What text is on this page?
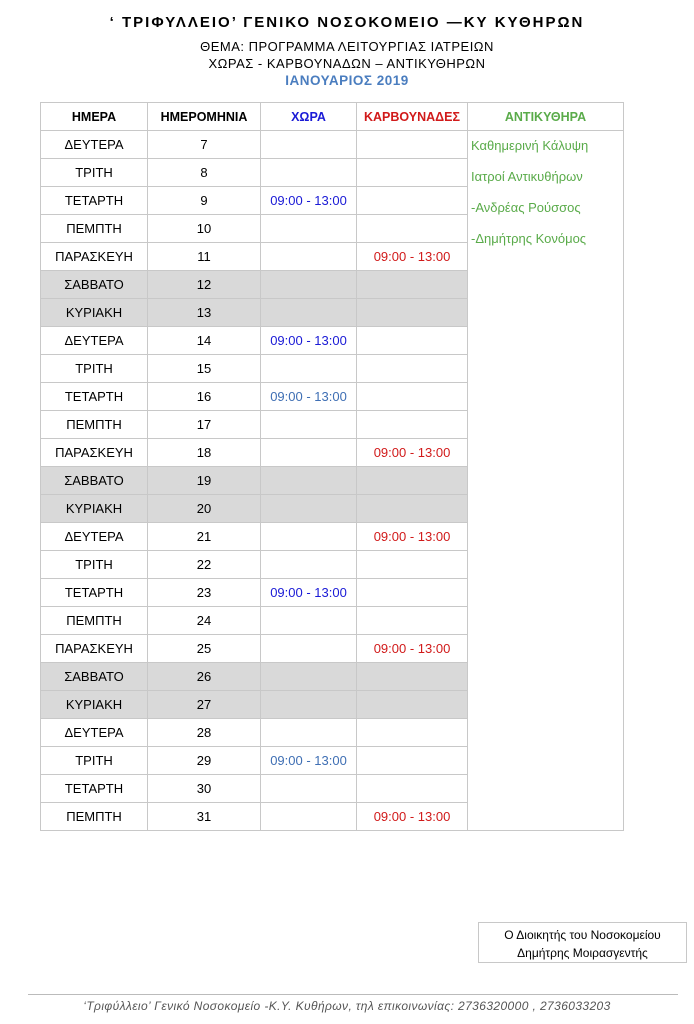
‘ ΤΡΙΦΥΛΛΕΙΟ’ ΓΕΝΙΚΟ ΝΟΣΟΚΟΜΕΙΟ —ΚΥ ΚΥΘΗΡΩΝ
ΘΕΜΑ: ΠΡΟΓΡΑΜΜΑ ΛΕΙΤΟΥΡΓΙΑΣ ΙΑΤΡΕΙΩΝ
ΧΩΡΑΣ - ΚΑΡΒΟΥΝΑΔΩΝ – ΑΝΤΙΚΥΘΗΡΩΝ
ΙΑΝΟΥΑΡΙΟΣ 2019
ΗΜΕΡΑ	ΗΜΕΡΟΜΗΝΙΑ	ΧΩΡΑ	ΚΑΡΒΟΥΝΑΔΕΣ	ΑΝΤΙΚΥΘΗΡΑ
ΔΕΥΤΕΡΑ	7			Καθημερινή Κάλυψη
Ιατροί Αντικυθήρων
-Ανδρέας Ρούσσος
-Δημήτρης Κονόμος

ΤΡΙΤΗ	8			
ΤΕΤΑΡΤΗ	9	09:00 - 13:00		
ΠΕΜΠΤΗ	10			
ΠΑΡΑΣΚΕΥΗ	11		09:00 - 13:00	
ΣΑΒΒΑΤΟ	12			
ΚΥΡΙΑΚΗ	13			
ΔΕΥΤΕΡΑ	14	09:00 - 13:00		
ΤΡΙΤΗ	15			
ΤΕΤΑΡΤΗ	16	09:00 - 13:00		
ΠΕΜΠΤΗ	17			
ΠΑΡΑΣΚΕΥΗ	18		09:00 - 13:00	
ΣΑΒΒΑΤΟ	19			
ΚΥΡΙΑΚΗ	20			
ΔΕΥΤΕΡΑ	21		09:00 - 13:00	
ΤΡΙΤΗ	22			
ΤΕΤΑΡΤΗ	23	09:00 - 13:00		
ΠΕΜΠΤΗ	24			
ΠΑΡΑΣΚΕΥΗ	25		09:00 - 13:00	
ΣΑΒΒΑΤΟ	26			
ΚΥΡΙΑΚΗ	27			
ΔΕΥΤΕΡΑ	28			
ΤΡΙΤΗ	29	09:00 - 13:00		
ΤΕΤΑΡΤΗ	30			
ΠΕΜΠΤΗ	31		09:00 - 13:00	
Ο Διοικητής του Νοσοκομείου
Δημήτρης Μοιρασγεντής
‘Τριφύλλειο’ Γενικό Νοσοκομείο -Κ.Υ. Κυθήρων, τηλ επικοινωνίας: 2736320000 , 2736033203
